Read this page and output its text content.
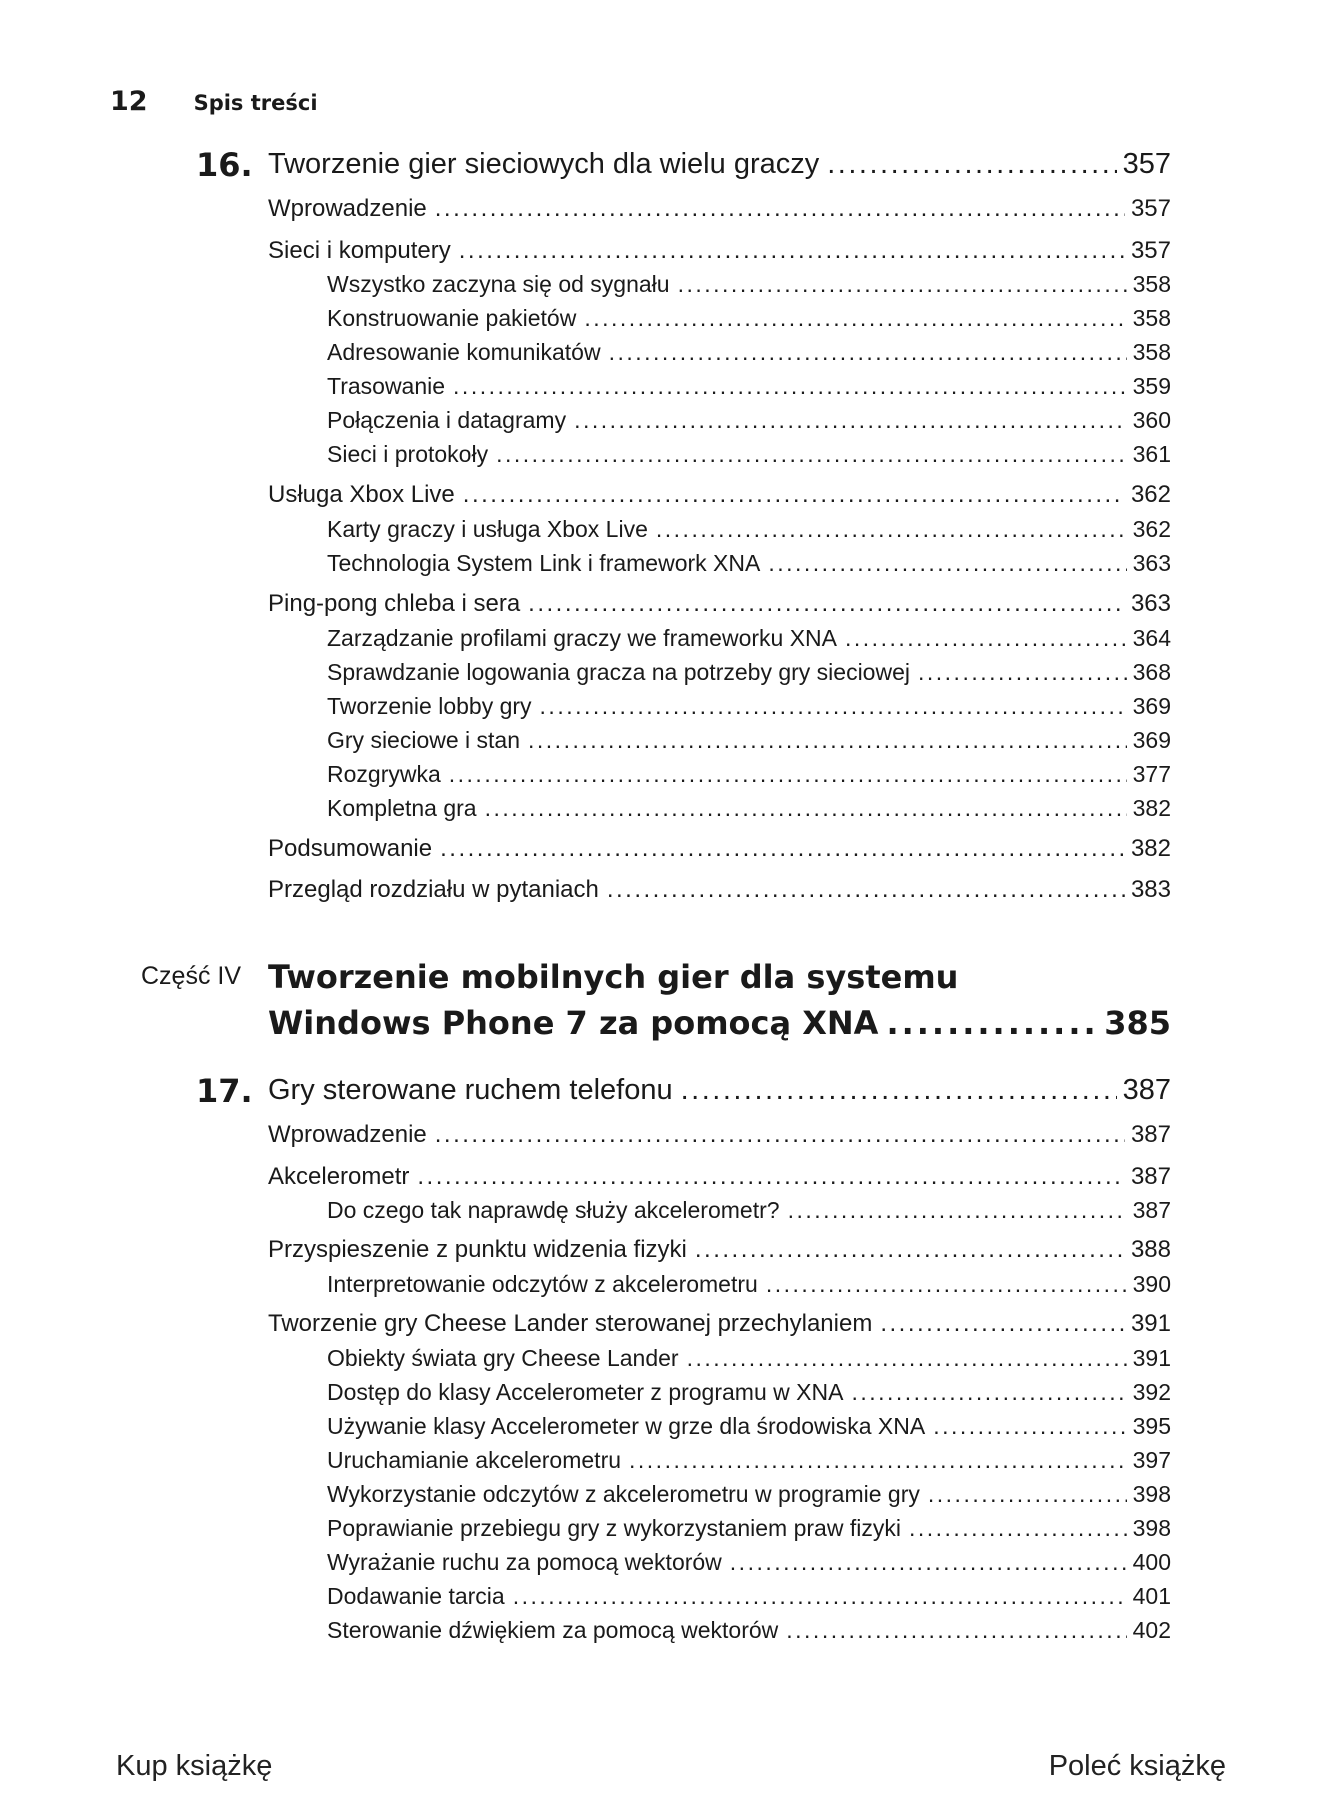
12 Spis treści
16. Tworzenie gier sieciowych dla wielu graczy .....	357
Wprowadzenie .....	357
Sieci i komputery .....	357
Wszystko zaczyna się od sygnału .....	358
Konstruowanie pakietów .....	358
Adresowanie komunikatów .....	358
Trasowanie .....	359
Połączenia i datagramy .....	360
Sieci i protokoły .....	361
Usługa Xbox Live .....	362
Karty graczy i usługa Xbox Live .....	362
Technologia System Link i framework XNA .....	363
Ping-pong chleba i sera .....	363
Zarządzanie profilami graczy we frameworku XNA .....	364
Sprawdzanie logowania gracza na potrzeby gry sieciowej .....	368
Tworzenie lobby gry .....	369
Gry sieciowe i stan .....	369
Rozgrywka .....	377
Kompletna gra .....	382
Podsumowanie .....	382
Przegląd rozdziału w pytaniach .....	383
Część IV Tworzenie mobilnych gier dla systemu
Windows Phone 7 za pomocą XNA .....	385
17. Gry sterowane ruchem telefonu .....	387
Wprowadzenie .....	387
Akcelerometr .....	387
Do czego tak naprawdę służy akcelerometr? .....	387
Przyspieszenie z punktu widzenia fizyki .....	388
Interpretowanie odczytów z akcelerometru .....	390
Tworzenie gry Cheese Lander sterowanej przechylaniem .....	391
Obiekty świata gry Cheese Lander .....	391
Dostęp do klasy Accelerometer z programu w XNA .....	392
Używanie klasy Accelerometer w grze dla środowiska XNA .....	395
Uruchamianie akcelerometru .....	397
Wykorzystanie odczytów z akcelerometru w programie gry .....	398
Poprawianie przebiegu gry z wykorzystaniem praw fizyki .....	398
Wyrażanie ruchu za pomocą wektorów .....	400
Dodawanie tarcia .....	401
Sterowanie dźwiękiem za pomocą wektorów .....	402
Kup książkę	Poleć książkę
